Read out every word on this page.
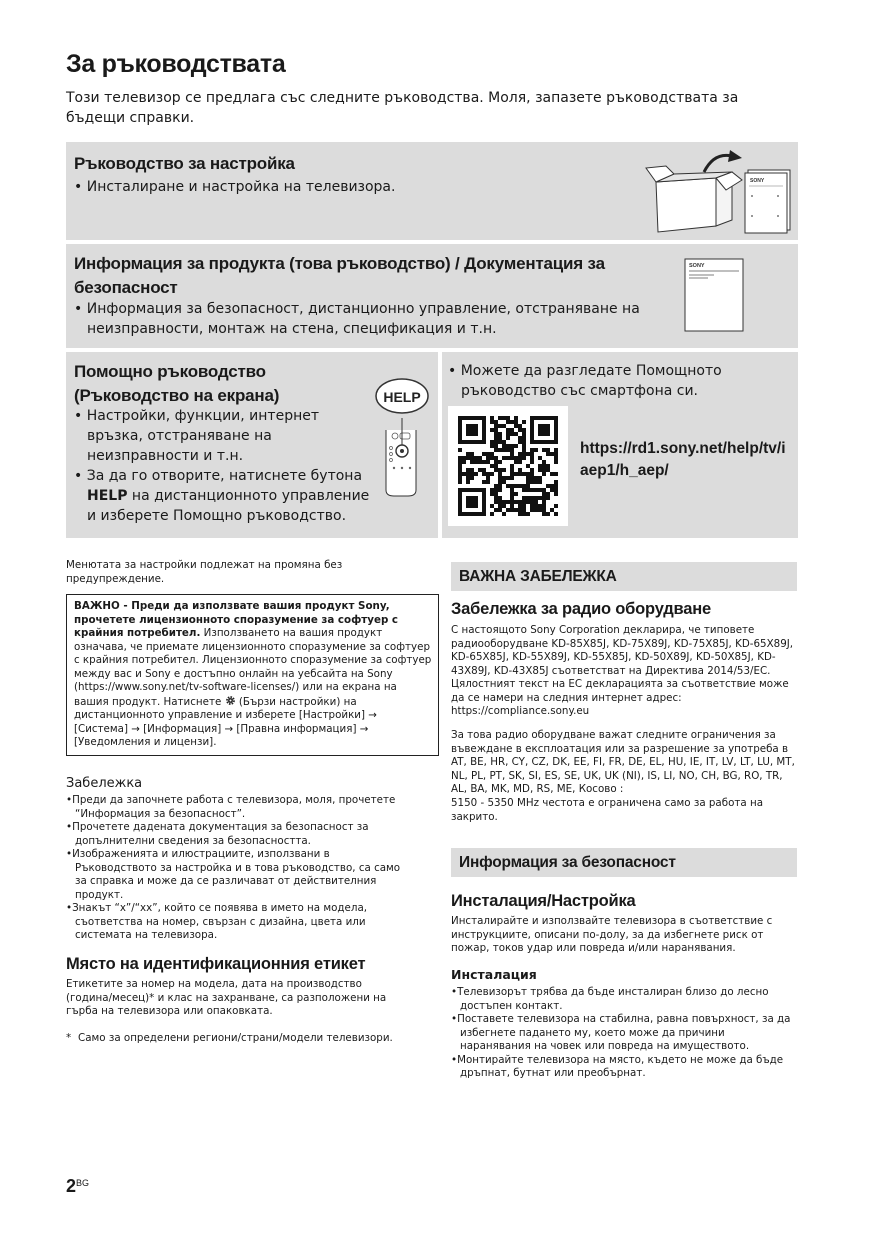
За ръководствата
Този телевизор се предлага със следните ръководства. Моля, запазете ръководствата за бъдещи справки.
Ръководство за настройка
• Инсталиране и настройка на телевизора.	SONY
Информация за продукта (това ръководство) / Документация за безопасност
• Информация за безопасност, дистанционно управление, отстраняване на неизправности, монтаж на стена, спецификация и т.н.
SONY
Помощно ръководство (Ръководство на екрана)
• Настройки, функции, интернет връзка, отстраняване на неизправности и т.н.
• За да го отворите, натиснете бутона HELP на дистанционното управление и изберете Помощно ръководство.
HELP
• Можете да разгледате Помощното ръководство със смартфона си.
https://rd1.sony.net/help/tv/iaep1/h_aep/
Менютата за настройки подлежат на промяна без предупреждение.
ВАЖНО - Преди да използвате вашия продукт Sony, прочетете лицензионното споразумение за софтуер с крайния потребител. Използването на вашия продукт означава, че приемате лицензионното споразумение за софтуер с крайния потребител. Лицензионното споразумение за софтуер между вас и Sony е достъпно онлайн на уебсайта на Sony (https://www.sony.net/tv-software-licenses/) или на екрана на вашия продукт. Натиснете  (Бързи настройки) на дистанционното управление и изберете [Настройки] → [Система] → [Информация] → [Правна информация] → [Уведомления и лицензи].
Забележка
• Преди да започнете работа с телевизора, моля, прочетете “Информация за безопасност”.
• Прочетете дадената документация за безопасност за допълнителни сведения за безопасността.
• Изображенията и илюстрациите, използвани в Ръководството за настройка и в това ръководство, са само за справка и може да се различават от действителния продукт.
• Знакът “x”/“xx”, който се появява в името на модела, съответства на номер, свързан с дизайна, цвета или системата на телевизора.
Място на идентификационния етикет
Етикетите за номер на модела, дата на производство (година/месец)* и клас на захранване, са разположени на гърба на телевизора или опаковката.
* Само за определени региони/страни/модели телевизори.
ВАЖНА ЗАБЕЛЕЖКА
Забележка за радио оборудване
С настоящото Sony Corporation декларира, че типовете радиооборудване KD-85X85J, KD-75X89J, KD-75X85J, KD-65X89J, KD-65X85J, KD-55X89J, KD-55X85J, KD-50X89J, KD-50X85J, KD-43X89J, KD-43X85J съответстват на Директива 2014/53/ЕС. Цялостният текст на ЕС декларацията за съответствие може да се намери на следния интернет адрес: https://compliance.sony.eu
За това радио оборудване важат следните ограничения за въвеждане в експлоатация или за разрешение за употреба в AT, BE, HR, CY, CZ, DK, EE, FI, FR, DE, EL, HU, IE, IT, LV, LT, LU, MT, NL, PL, PT, SK, SI, ES, SE, UK, UK (NI), IS, LI, NO, CH, BG, RO, TR, AL, BA, MK, MD, RS, ME, Косово :
5150 - 5350 MHz честота е ограничена само за работа на закрито.
Информация за безопасност
Инсталация/Настройка
Инсталирайте и използвайте телевизора в съответствие с инструкциите, описани по-долу, за да избегнете риск от пожар, токов удар или повреда и/или наранявания.
Инсталация
• Телевизорът трябва да бъде инсталиран близо до лесно достъпен контакт.
• Поставете телевизора на стабилна, равна повърхност, за да избегнете падането му, което може да причини наранявания на човек или повреда на имуществото.
• Монтирайте телевизора на място, където не може да бъде дръпнат, бутнат или преобърнат.
$2^{BG}$
